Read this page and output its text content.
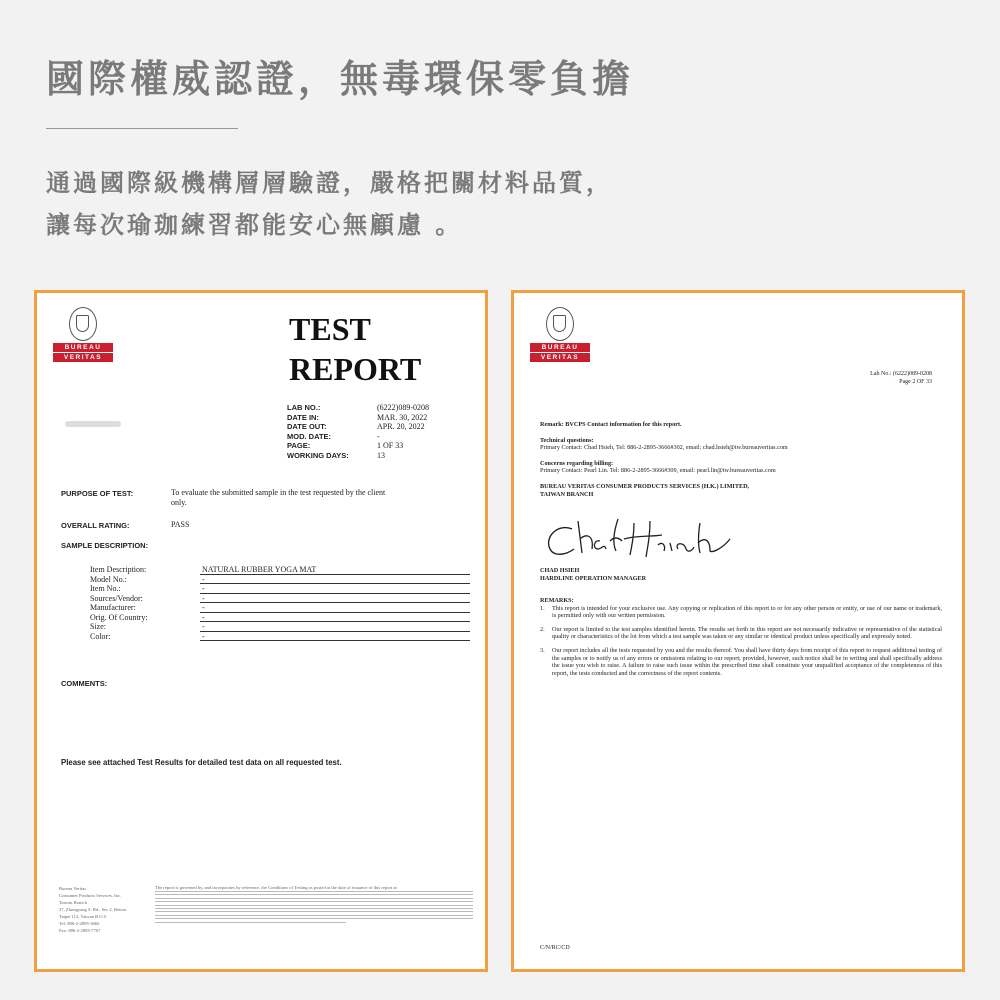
國際權威認證，無毒環保零負擔
通過國際級機構層層驗證，嚴格把關材料品質，
讓每次瑜珈練習都能安心無顧慮 。
BUREAU
VERITAS
TEST
REPORT
LAB NO.:	(6222)089-0208
DATE IN:	MAR. 30, 2022
DATE OUT:	APR. 20, 2022
MOD. DATE:	-
PAGE:	1 OF 33
WORKING DAYS:	13
PURPOSE OF TEST:	To evaluate the submitted sample in the test requested by the client
only.
OVERALL RATING:	PASS
SAMPLE DESCRIPTION:
Item Description:	NATURAL RUBBER YOGA MAT
Model No.:	-
Item No.:	-
Sources/Vendor:	-
Manufacturer:	-
Orig. Of Country:	-
Size:	-
Color:	-
COMMENTS:
Please see attached Test Results for detailed test data on all requested test.
Bureau Veritas
Consumer Products Services, Inc.
Taiwan Branch
37, Zhongyang S. Rd., Sec 2, Beitou
Taipei 112, Taiwan R.O.C
Tel: 886-2-2895-3666
Fax: 886-2-2895-7707
The report is governed by, and incorporates by reference, the Conditions of Testing as posted at the date of issuance of this report at
BUREAU
VERITAS
Lab No.: (6222)089-0208
Page 2 OF 33
Remark: BVCPS Contact information for this report.
Technical questions:
Primary Contact: Chad Hsieh, Tel: 886-2-2895-3666#302, email: chad.hsieh@tw.bureauveritas.com
Concerns regarding billing:
Primary Contact: Pearl Lin. Tel: 886-2-2895-3666#309, email: pearl.lin@tw.bureauveritas.com
BUREAU VERITAS CONSUMER PRODUCTS SERVICES (H.K.) LIMITED,
TAIWAN BRANCH
CHAD HSIEH
HARDLINE OPERATION MANAGER
REMARKS:
1.	This report is intended for your exclusive use. Any copying or replication of this report to or for any other person or entity, or use of our name or trademark, is permitted only with our written permission.
2.	Our report is limited to the test samples identified herein. The results set forth in this report are not necessarily indicative or representative of the statistical quality or characteristics of the lot from which a test sample was taken or any similar or identical product unless specifically and expressly noted.
3.	Our report includes all the tests requested by you and the results thereof. You shall have thirty days from receipt of this report to request additional testing of the samples or to notify us of any errors or omissions relating to our report; provided, however, such notice shall be in writing and shall specifically address the issue you wish to raise. A failure to raise such issue within the prescribed time shall constitute your unqualified acceptance of the completeness of this report, the tests conducted and the correctness of the report contents.
C/N/RC/CD
